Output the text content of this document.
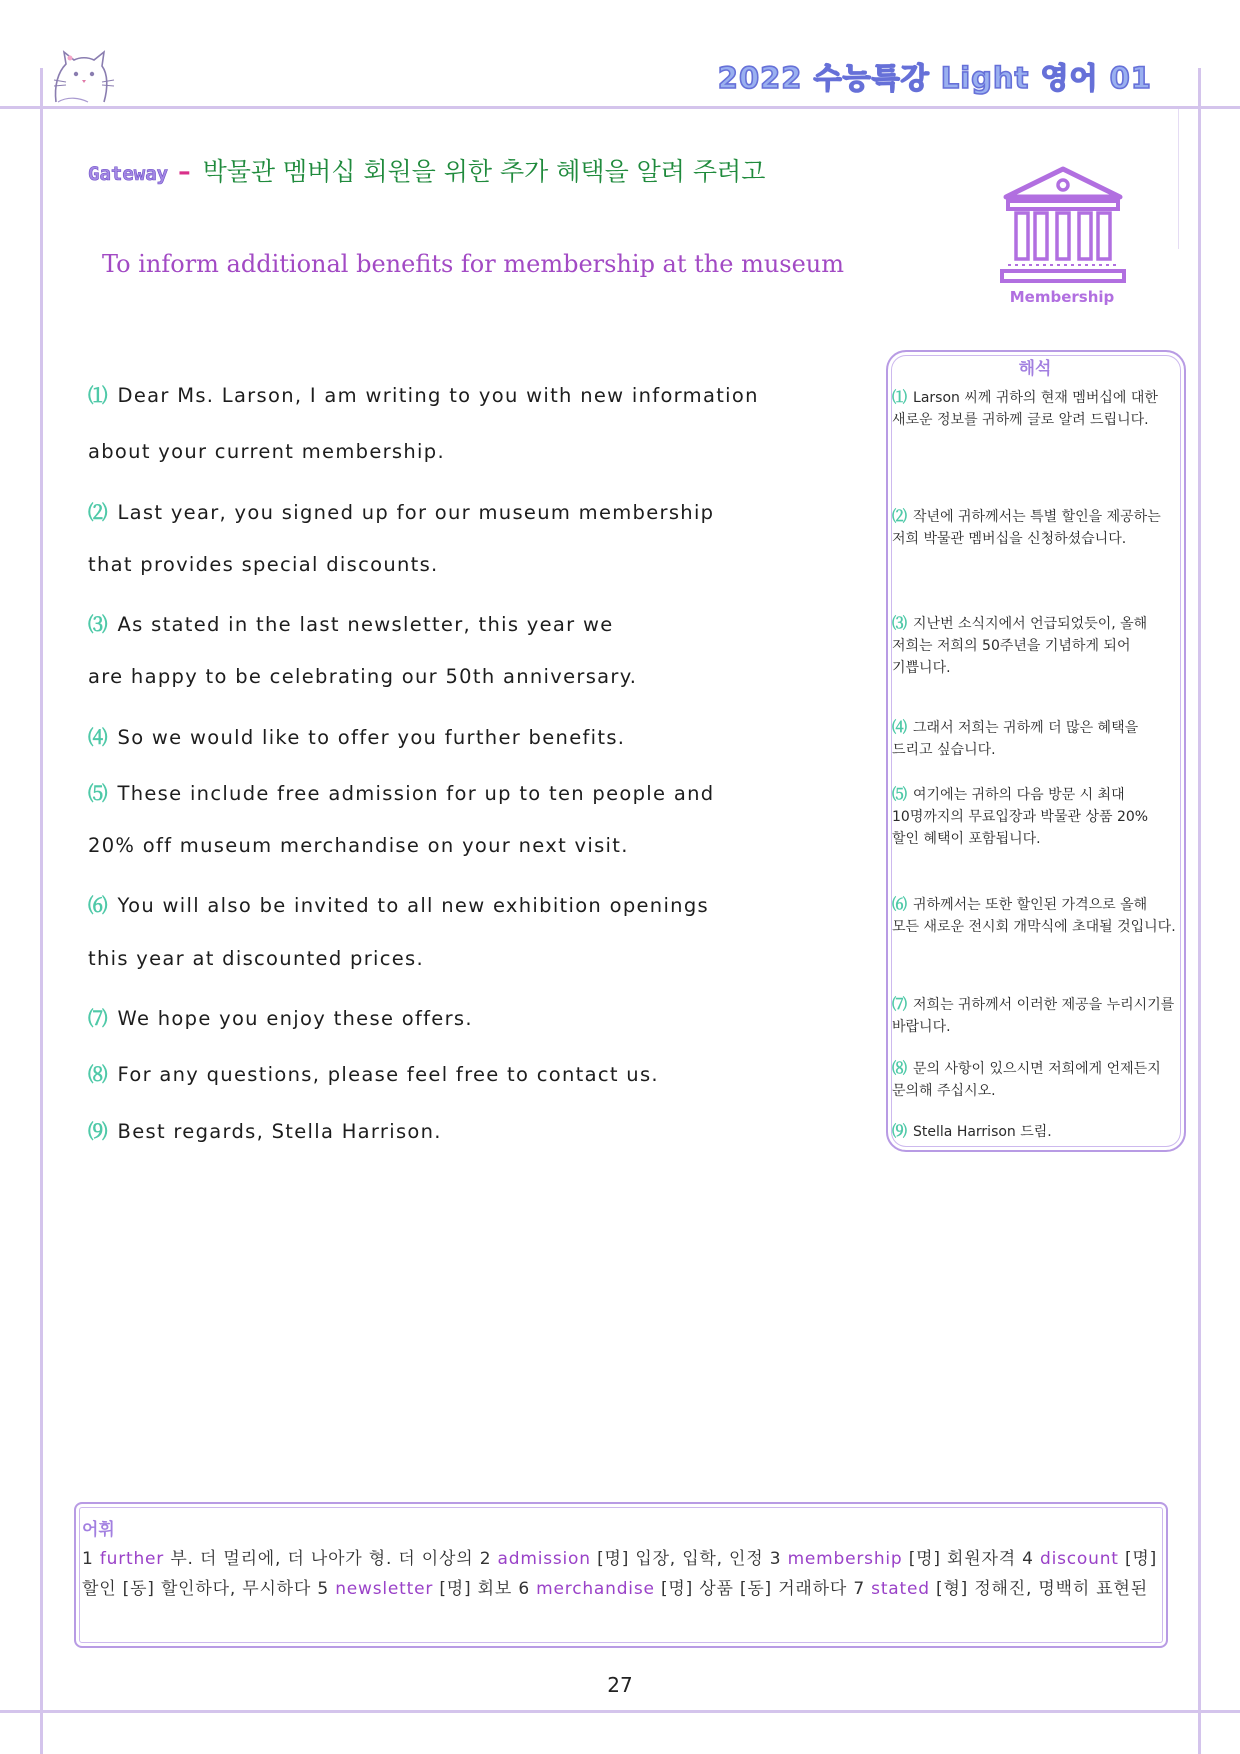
2022 수능특강 Light 영어 01
Gateway – 박물관 멤버십 회원을 위한 추가 혜택을 알려 주려고
To inform additional benefits for membership at the museum
Membership
⑴ Dear Ms. Larson, I am writing to you with new information
about your current membership.
⑵ Last year, you signed up for our museum membership
that provides special discounts.
⑶ As stated in the last newsletter, this year we
are happy to be celebrating our 50th anniversary.
⑷ So we would like to offer you further benefits.
⑸ These include free admission for up to ten people and
20% off museum merchandise on your next visit.
⑹ You will also be invited to all new exhibition openings
this year at discounted prices.
⑺ We hope you enjoy these offers.
⑻ For any questions, please feel free to contact us.
⑼ Best regards, Stella Harrison.
해석
⑴ Larson 씨께 귀하의 현재 멤버십에 대한 새로운 정보를 귀하께 글로 알려 드립니다.
⑵ 작년에 귀하께서는 특별 할인을 제공하는 저희 박물관 멤버십을 신청하셨습니다.
⑶ 지난번 소식지에서 언급되었듯이, 올해 저희는 저희의 50주년을 기념하게 되어 기쁩니다.
⑷ 그래서 저희는 귀하께 더 많은 혜택을 드리고 싶습니다.
⑸ 여기에는 귀하의 다음 방문 시 최대 10명까지의 무료입장과 박물관 상품 20% 할인 혜택이 포함됩니다.
⑹ 귀하께서는 또한 할인된 가격으로 올해 모든 새로운 전시회 개막식에 초대될 것입니다.
⑺ 저희는 귀하께서 이러한 제공을 누리시기를 바랍니다.
⑻ 문의 사항이 있으시면 저희에게 언제든지 문의해 주십시오.
⑼ Stella Harrison 드림.
어휘
1 further 부. 더 멀리에, 더 나아가 형. 더 이상의 2 admission [명] 입장, 입학, 인정 3 membership [명] 회원자격 4 discount [명] 할인 [동] 할인하다, 무시하다 5 newsletter [명] 회보 6 merchandise [명] 상품 [동] 거래하다 7 stated [형] 정해진, 명백히 표현된
27
